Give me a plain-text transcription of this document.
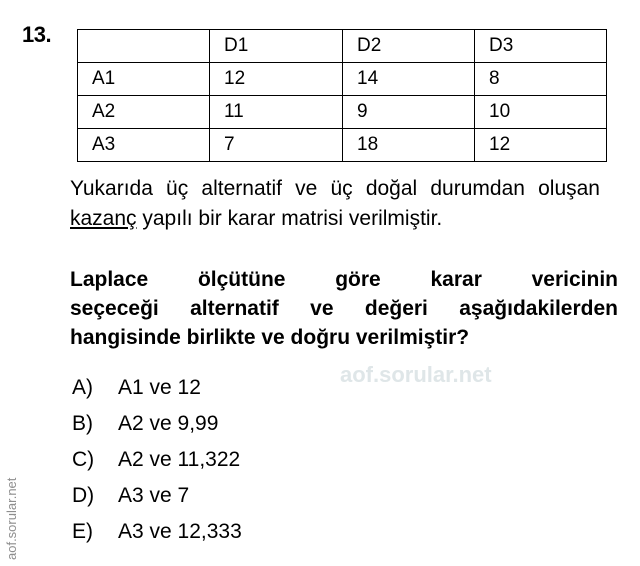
13.
		D1	D2	D3
A1	12	14	8
A2	11	9	10
A3	7	18	12
Yukarıda üç alternatif ve üç doğal durumdan oluşan kazanç yapılı bir karar matrisi verilmiştir.
Laplace ölçütüne göre karar vericinin
seçeceği alternatif ve değeri aşağıdakilerden
hangisinde birlikte ve doğru verilmiştir?
A) A1 ve 12
B) A2 ve 9,99
C) A2 ve 11,322
D) A3 ve 7
E) A3 ve 12,333
aof.sorular.net
aof.sorular.net
